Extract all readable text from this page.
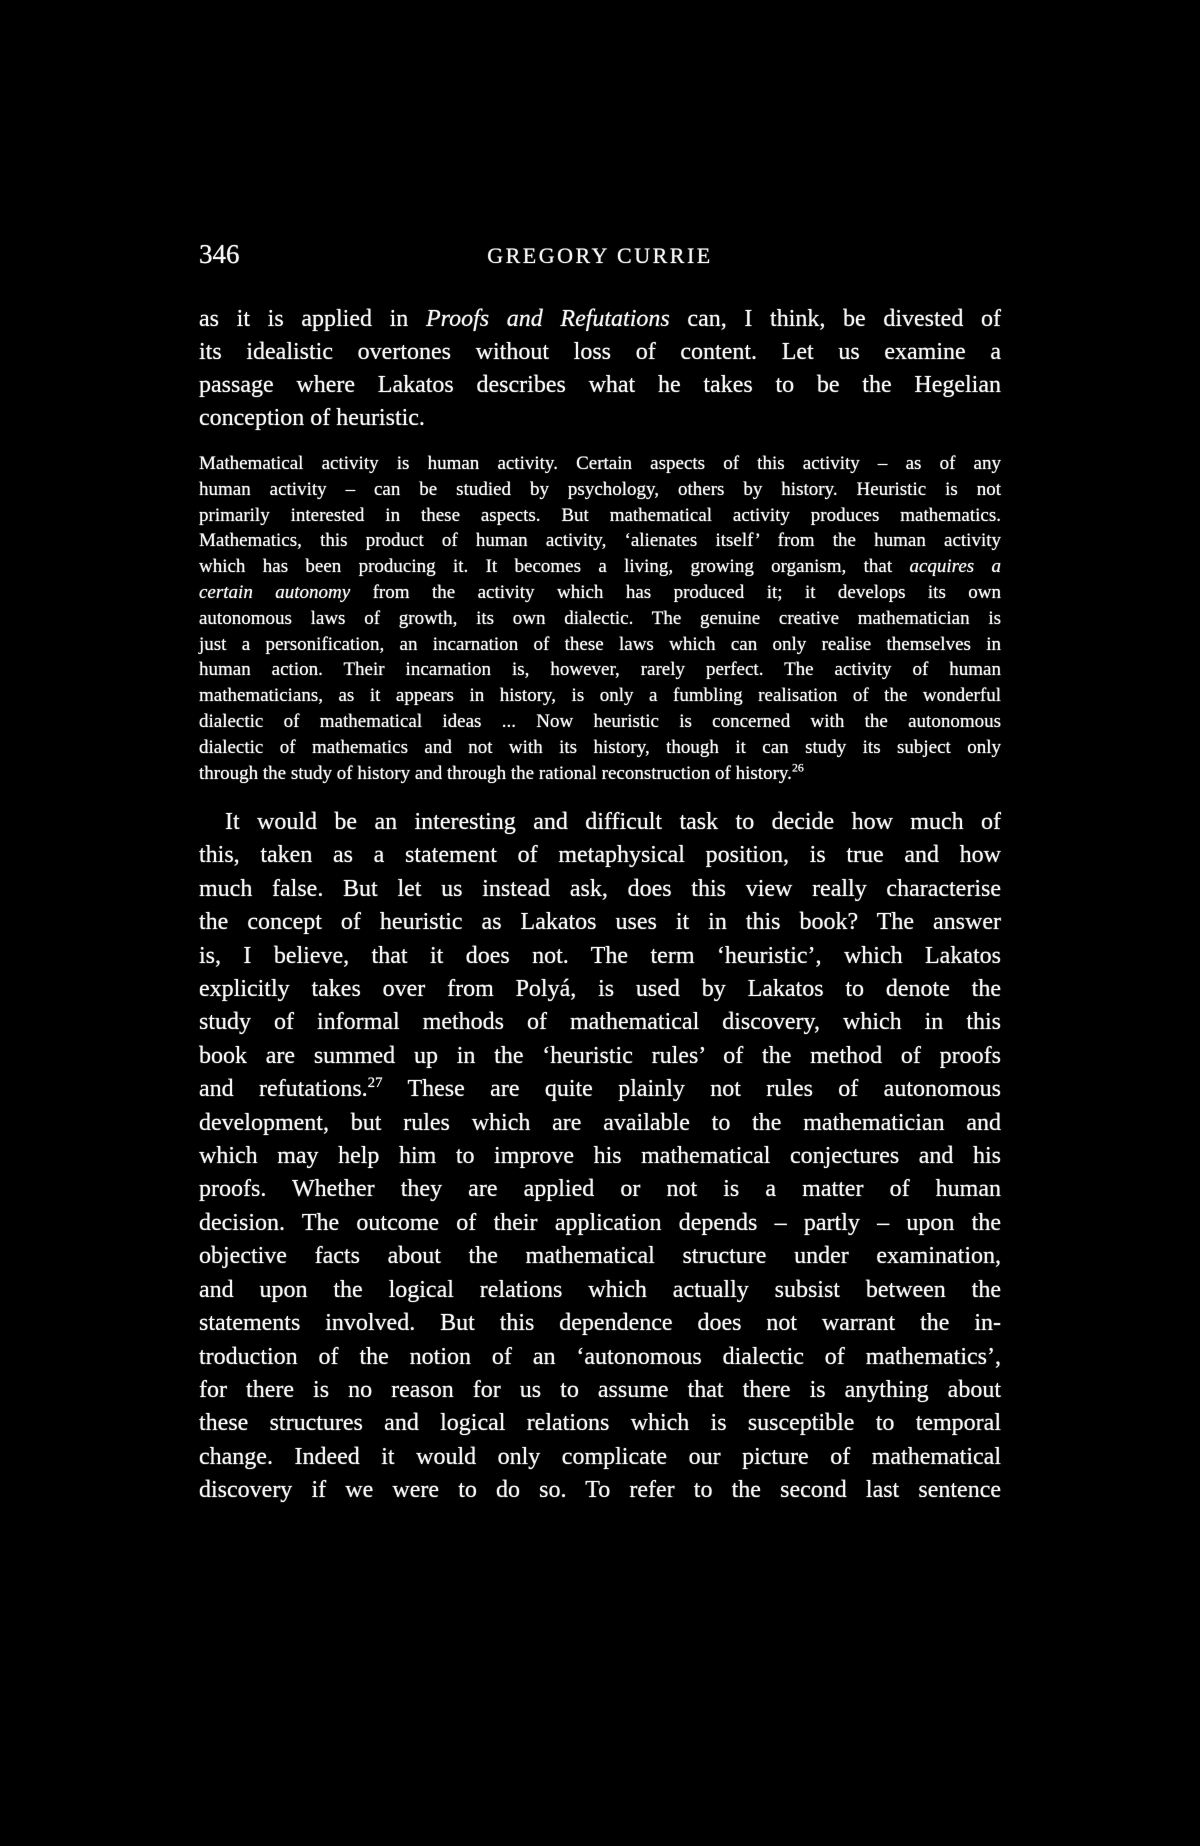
346	GREGORY CURRIE
as it is applied in Proofs and Refutations can, I think, be divested of
its idealistic overtones without loss of content. Let us examine a
passage where Lakatos describes what he takes to be the Hegelian
conception of heuristic.
Mathematical activity is human activity. Certain aspects of this activity – as of any
human activity – can be studied by psychology, others by history. Heuristic is not
primarily interested in these aspects. But mathematical activity produces mathematics.
Mathematics, this product of human activity, ‘alienates itself’ from the human activity
which has been producing it. It becomes a living, growing organism, that acquires a
certain autonomy from the activity which has produced it; it develops its own
autonomous laws of growth, its own dialectic. The genuine creative mathematician is
just a personification, an incarnation of these laws which can only realise themselves in
human action. Their incarnation is, however, rarely perfect. The activity of human
mathematicians, as it appears in history, is only a fumbling realisation of the wonderful
dialectic of mathematical ideas ... Now heuristic is concerned with the autonomous
dialectic of mathematics and not with its history, though it can study its subject only
through the study of history and through the rational reconstruction of history.$^{26}$
It would be an interesting and difficult task to decide how much of
this, taken as a statement of metaphysical position, is true and how
much false. But let us instead ask, does this view really characterise
the concept of heuristic as Lakatos uses it in this book? The answer
is, I believe, that it does not. The term ‘heuristic’, which Lakatos
explicitly takes over from Polyá, is used by Lakatos to denote the
study of informal methods of mathematical discovery, which in this
book are summed up in the ‘heuristic rules’ of the method of proofs
and refutations.$^{27}$ These are quite plainly not rules of autonomous
development, but rules which are available to the mathematician and
which may help him to improve his mathematical conjectures and his
proofs. Whether they are applied or not is a matter of human
decision. The outcome of their application depends – partly – upon the
objective facts about the mathematical structure under examination,
and upon the logical relations which actually subsist between the
statements involved. But this dependence does not warrant the in-
troduction of the notion of an ‘autonomous dialectic of mathematics’,
for there is no reason for us to assume that there is anything about
these structures and logical relations which is susceptible to temporal
change. Indeed it would only complicate our picture of mathematical
discovery if we were to do so. To refer to the second last sentence
